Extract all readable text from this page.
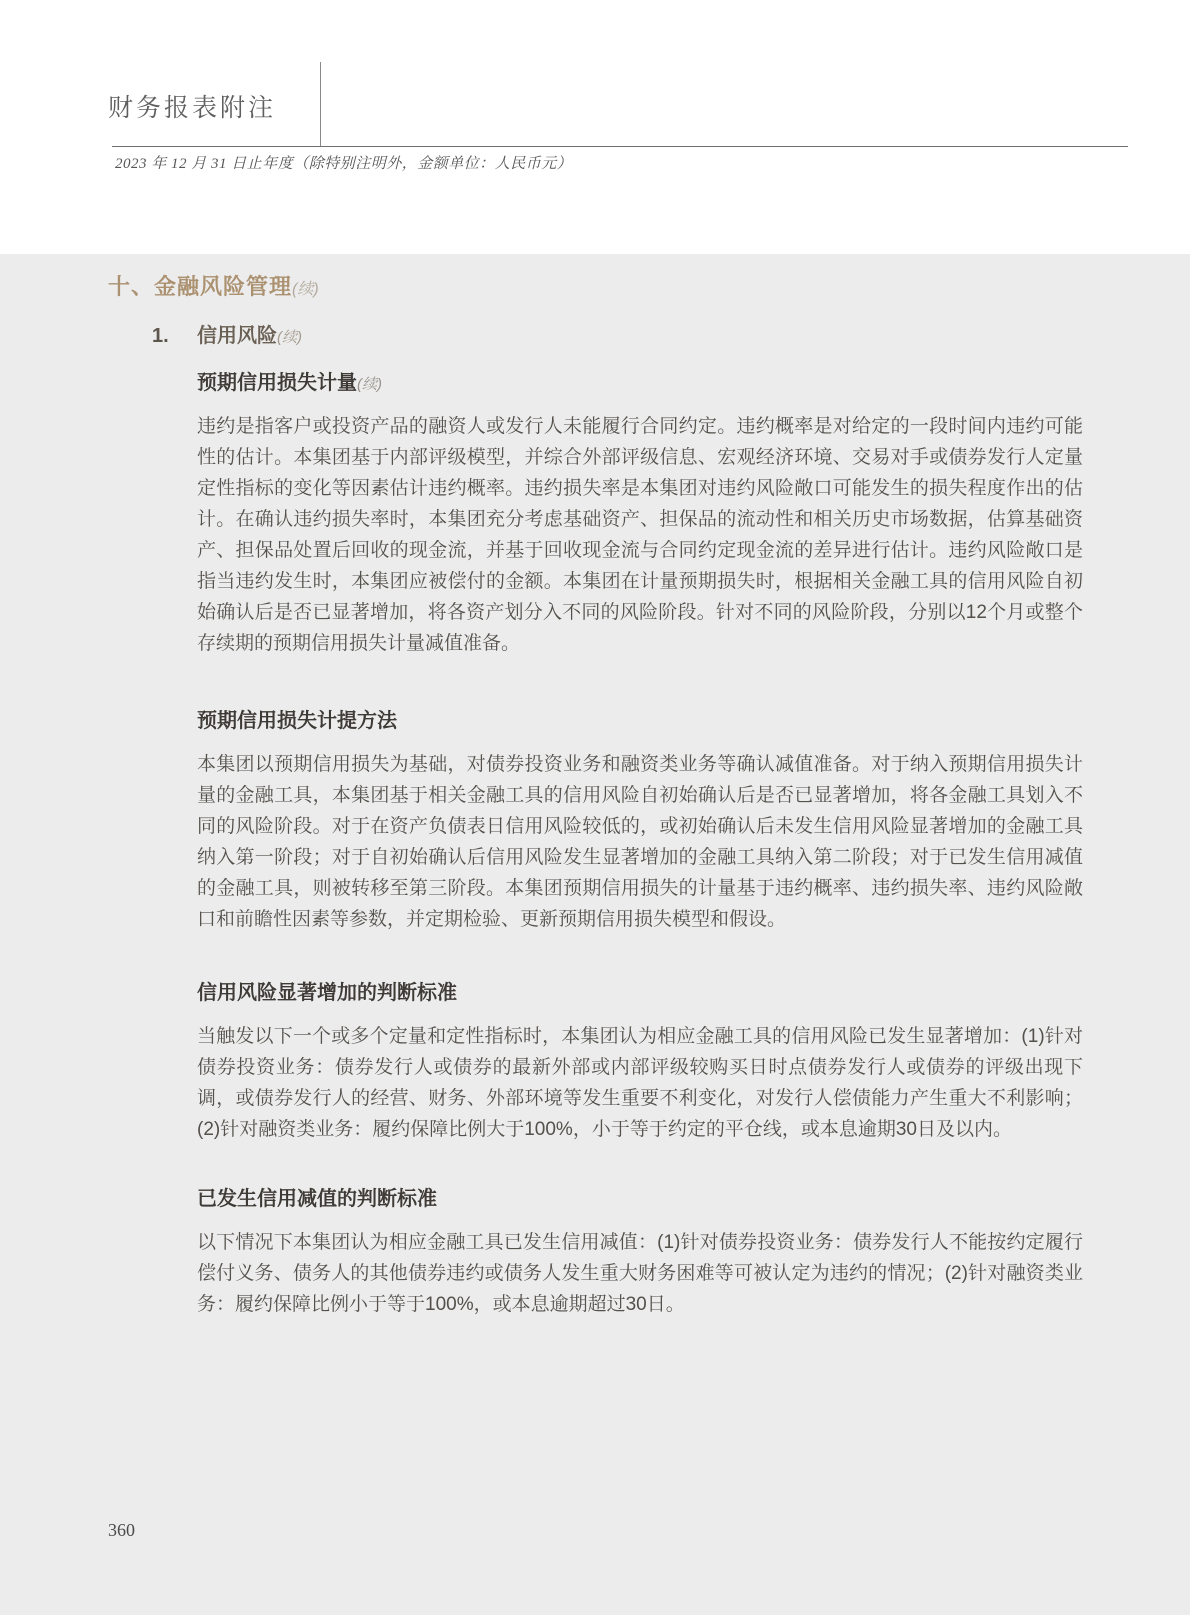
财务报表附注
2023 年 12 月 31 日止年度（除特别注明外，金额单位：人民币元）
十、金融风险管理(续)
1. 信用风险(续)
预期信用损失计量(续)

违约是指客户或投资产品的融资人或发行人未能履行合同约定。违约概率是对给定的一段时间内违约可能性的估计。本集团基于内部评级模型，并综合外部评级信息、宏观经济环境、交易对手或债券发行人定量定性指标的变化等因素估计违约概率。违约损失率是本集团对违约风险敞口可能发生的损失程度作出的估计。在确认违约损失率时，本集团充分考虑基础资产、担保品的流动性和相关历史市场数据，估算基础资产、担保品处置后回收的现金流，并基于回收现金流与合同约定现金流的差异进行估计。违约风险敞口是指当违约发生时，本集团应被偿付的金额。本集团在计量预期损失时，根据相关金融工具的信用风险自初始确认后是否已显著增加，将各资产划分入不同的风险阶段。针对不同的风险阶段，分别以12个月或整个存续期的预期信用损失计量减值准备。

预期信用损失计提方法

本集团以预期信用损失为基础，对债券投资业务和融资类业务等确认减值准备。对于纳入预期信用损失计量的金融工具，本集团基于相关金融工具的信用风险自初始确认后是否已显著增加，将各金融工具划入不同的风险阶段。对于在资产负债表日信用风险较低的，或初始确认后未发生信用风险显著增加的金融工具纳入第一阶段；对于自初始确认后信用风险发生显著增加的金融工具纳入第二阶段；对于已发生信用减值的金融工具，则被转移至第三阶段。本集团预期信用损失的计量基于违约概率、违约损失率、违约风险敞口和前瞻性因素等参数，并定期检验、更新预期信用损失模型和假设。

信用风险显著增加的判断标准

当触发以下一个或多个定量和定性指标时，本集团认为相应金融工具的信用风险已发生显著增加：(1)针对债券投资业务：债券发行人或债券的最新外部或内部评级较购买日时点债券发行人或债券的评级出现下调，或债券发行人的经营、财务、外部环境等发生重要不利变化，对发行人偿债能力产生重大不利影响；(2)针对融资类业务：履约保障比例大于100%，小于等于约定的平仓线，或本息逾期30日及以内。

已发生信用减值的判断标准

以下情况下本集团认为相应金融工具已发生信用减值：(1)针对债券投资业务：债券发行人不能按约定履行偿付义务、债务人的其他债券违约或债务人发生重大财务困难等可被认定为违约的情况；(2)针对融资类业务：履约保障比例小于等于100%，或本息逾期超过30日。

360
